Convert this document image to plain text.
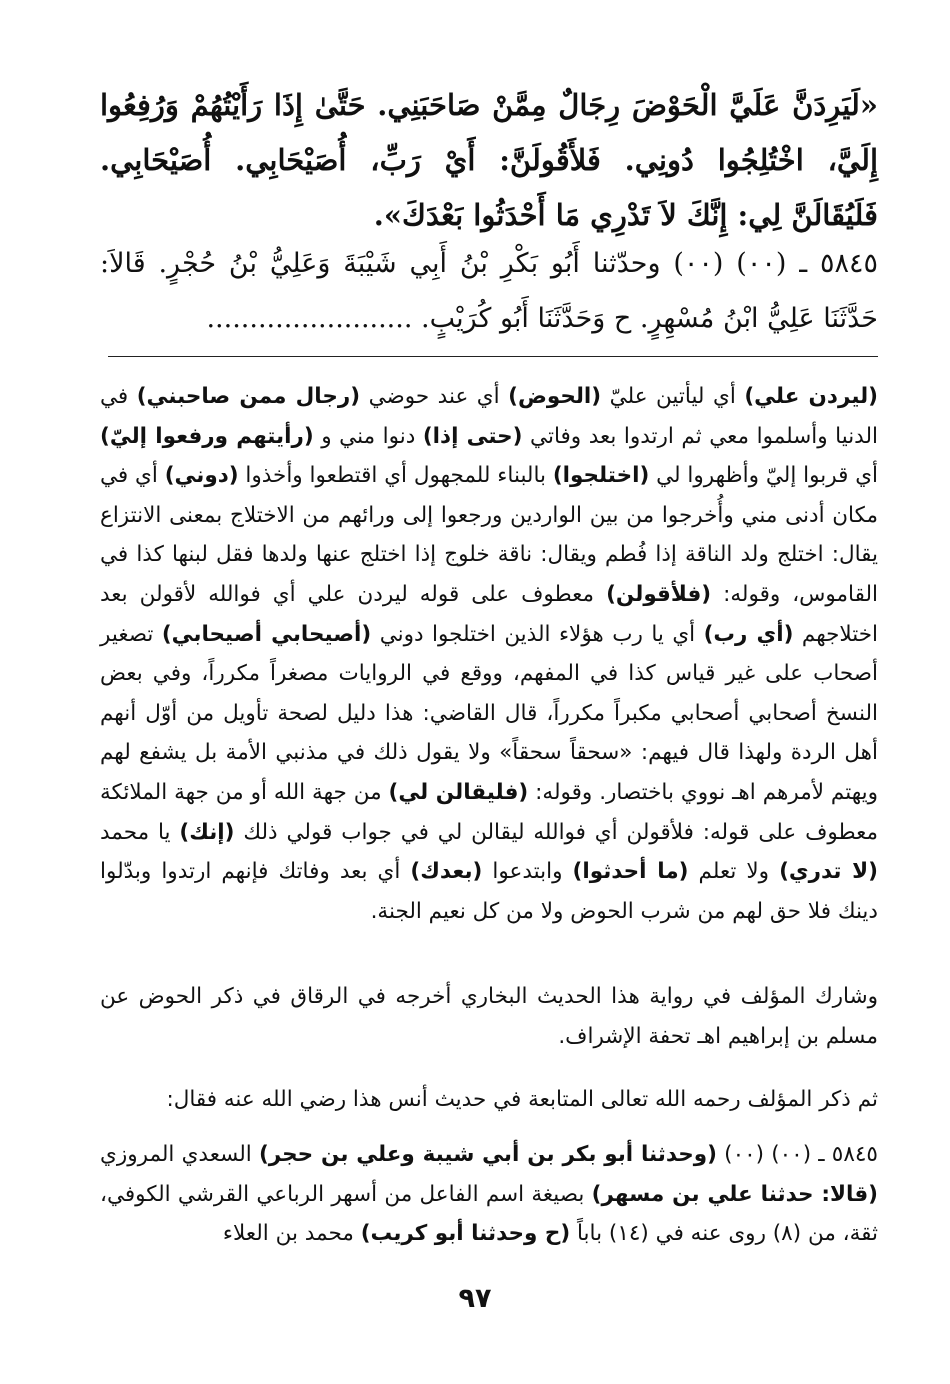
«لَيَرِدَنَّ عَلَيَّ الْحَوْضَ رِجَالٌ مِمَّنْ صَاحَبَنِي. حَتَّىٰ إِذَا رَأَيْتُهُمْ وَرُفِعُوا إِلَيَّ، اخْتُلِجُوا دُونِي. فَلأَقُولَنَّ: أَيْ رَبِّ، أُصَيْحَابِي. أُصَيْحَابِي. فَلَيُقَالَنَّ لِي: إِنَّكَ لاَ تَدْرِي مَا أَحْدَثُوا بَعْدَكَ».
٥٨٤٥ ـ (٠٠) (٠٠) وحدّثنا أَبُو بَكْرِ بْنُ أَبِي شَيْبَةَ وَعَلِيُّ بْنُ حُجْرٍ. قَالاَ: حَدَّثَنَا عَلِيُّ ابْنُ مُسْهِرٍ. ح وَحَدَّثَنَا أَبُو كُرَيْبٍ. ........................
(ليردن علي) أي ليأتين عليّ (الحوض) أي عند حوضي (رجال ممن صاحبني) في الدنيا وأسلموا معي ثم ارتدوا بعد وفاتي (حتى إذا) دنوا مني و (رأيتهم ورفعوا إليّ) أي قربوا إليّ وأظهروا لي (اختلجوا) بالبناء للمجهول أي اقتطعوا وأخذوا (دوني) أي في مكان أدنى مني وأُخرجوا من بين الواردين ورجعوا إلى ورائهم من الاختلاج بمعنى الانتزاع يقال: اختلج ولد الناقة إذا فُطم ويقال: ناقة خلوج إذا اختلج عنها ولدها فقل لبنها كذا في القاموس، وقوله: (فلأقولن) معطوف على قوله ليردن علي أي فوالله لأقولن بعد اختلاجهم (أي رب) أي يا رب هؤلاء الذين اختلجوا دوني (أصيحابي أصيحابي) تصغير أصحاب على غير قياس كذا في المفهم، ووقع في الروايات مصغراً مكرراً، وفي بعض النسخ أصحابي أصحابي مكبراً مكرراً، قال القاضي: هذا دليل لصحة تأويل من أوّل أنهم أهل الردة ولهذا قال فيهم: «سحقاً سحقاً» ولا يقول ذلك في مذنبي الأمة بل يشفع لهم ويهتم لأمرهم اهـ نووي باختصار. وقوله: (فليقالن لي) من جهة الله أو من جهة الملائكة معطوف على قوله: فلأقولن أي فوالله ليقالن لي في جواب قولي ذلك (إنك) يا محمد (لا تدري) ولا تعلم (ما أحدثوا) وابتدعوا (بعدك) أي بعد وفاتك فإنهم ارتدوا وبدّلوا دينك فلا حق لهم من شرب الحوض ولا من كل نعيم الجنة.
وشارك المؤلف في رواية هذا الحديث البخاري أخرجه في الرقاق في ذكر الحوض عن مسلم بن إبراهيم اهـ تحفة الإشراف.
ثم ذكر المؤلف رحمه الله تعالى المتابعة في حديث أنس هذا رضي الله عنه فقال:
٥٨٤٥ ـ (٠٠) (٠٠) (وحدثنا أبو بكر بن أبي شيبة وعلي بن حجر) السعدي المروزي (قالا: حدثنا علي بن مسهر) بصيغة اسم الفاعل من أسهر الرباعي القرشي الكوفي، ثقة، من (٨) روى عنه في (١٤) باباً (ح وحدثنا أبو كريب) محمد بن العلاء
٩٧
